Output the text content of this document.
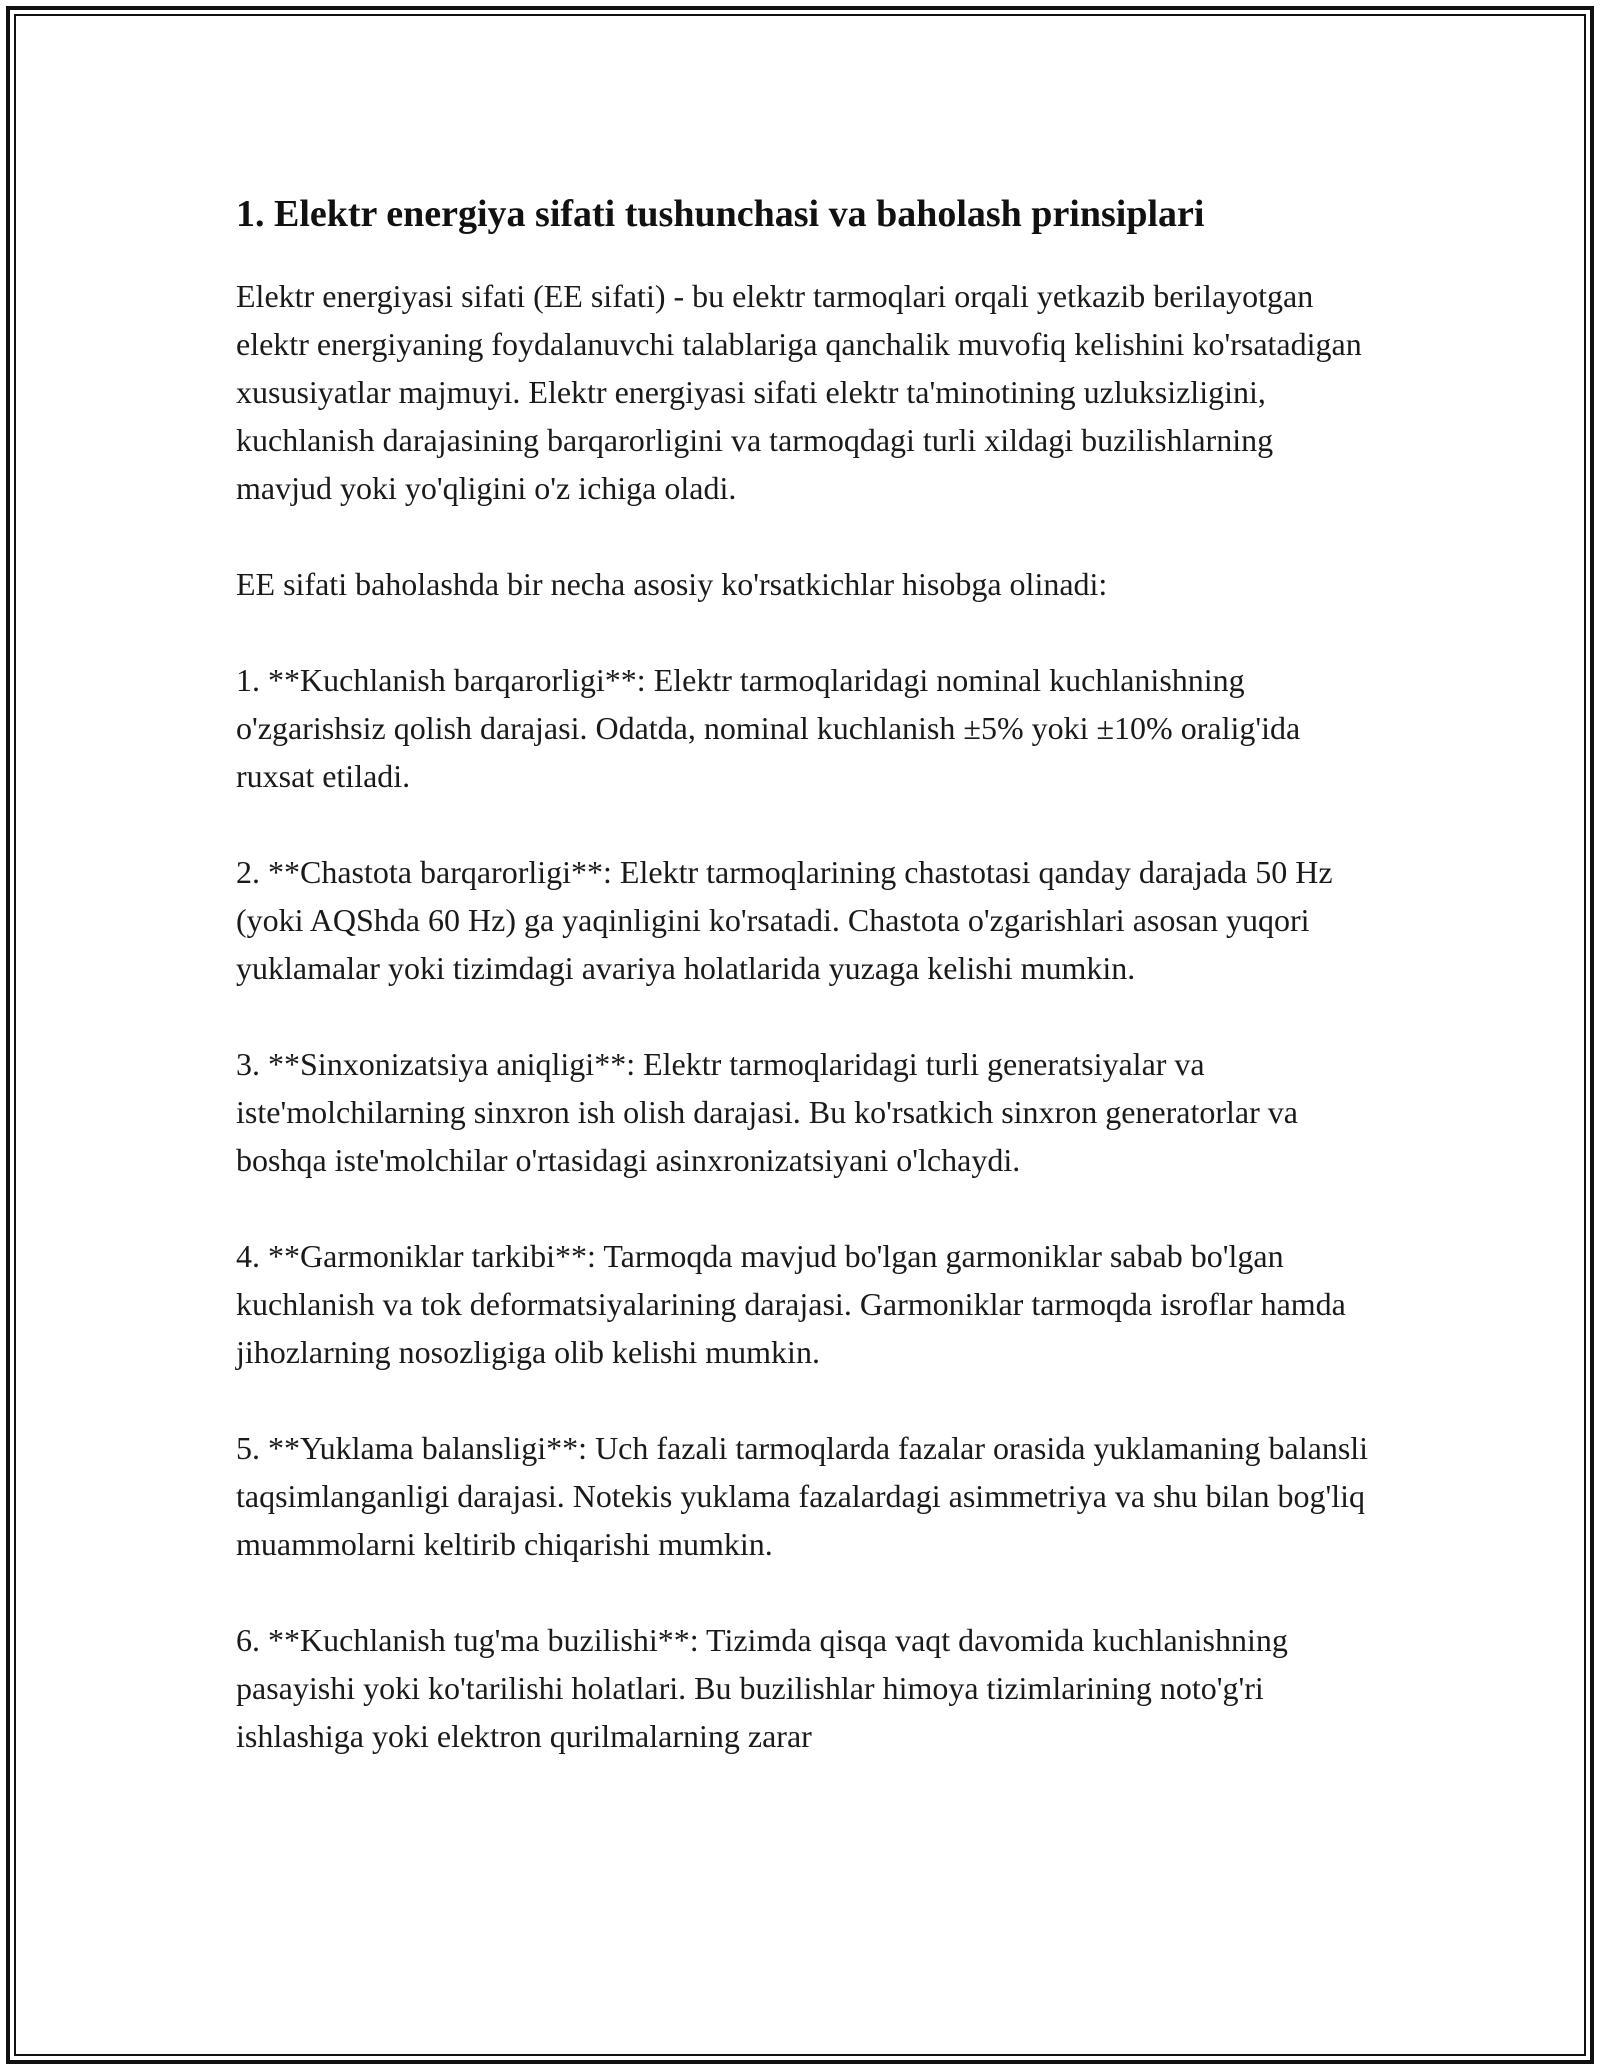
1. Elektr energiya sifati tushunchasi va baholash prinsiplari

Elektr energiyasi sifati (EE sifati) - bu elektr tarmoqlari orqali yetkazib berilayotgan elektr energiyaning foydalanuvchi talablariga qanchalik muvofiq kelishini ko'rsatadigan xususiyatlar majmuyi. Elektr energiyasi sifati elektr ta'minotining uzluksizligini, kuchlanish darajasining barqarorligini va tarmoqdagi turli xildagi buzilishlarning mavjud yoki yo'qligini o'z ichiga oladi.

EE sifati baholashda bir necha asosiy ko'rsatkichlar hisobga olinadi:

1. **Kuchlanish barqarorligi**: Elektr tarmoqlaridagi nominal kuchlanishning o'zgarishsiz qolish darajasi. Odatda, nominal kuchlanish ±5% yoki ±10% oralig'ida ruxsat etiladi.

2. **Chastota barqarorligi**: Elektr tarmoqlarining chastotasi qanday darajada 50 Hz (yoki AQShda 60 Hz) ga yaqinligini ko'rsatadi. Chastota o'zgarishlari asosan yuqori yuklamalar yoki tizimdagi avariya holatlarida yuzaga kelishi mumkin.

3. **Sinxonizatsiya aniqligi**: Elektr tarmoqlaridagi turli generatsiyalar va iste'molchilarning sinxron ish olish darajasi. Bu ko'rsatkich sinxron generatorlar va boshqa iste'molchilar o'rtasidagi asinxronizatsiyani o'lchaydi.

4. **Garmoniklar tarkibi**: Tarmoqda mavjud bo'lgan garmoniklar sabab bo'lgan kuchlanish va tok deformatsiyalarining darajasi. Garmoniklar tarmoqda isroflar hamda jihozlarning nosozligiga olib kelishi mumkin.

5. **Yuklama balansligi**: Uch fazali tarmoqlarda fazalar orasida yuklamaning balansli taqsimlanganligi darajasi. Notekis yuklama fazalardagi asimmetriya va shu bilan bog'liq muammolarni keltirib chiqarishi mumkin.

6. **Kuchlanish tug'ma buzilishi**: Tizimda qisqa vaqt davomida kuchlanishning pasayishi yoki ko'tarilishi holatlari. Bu buzilishlar himoya tizimlarining noto'g'ri ishlashiga yoki elektron qurilmalarning zarar
